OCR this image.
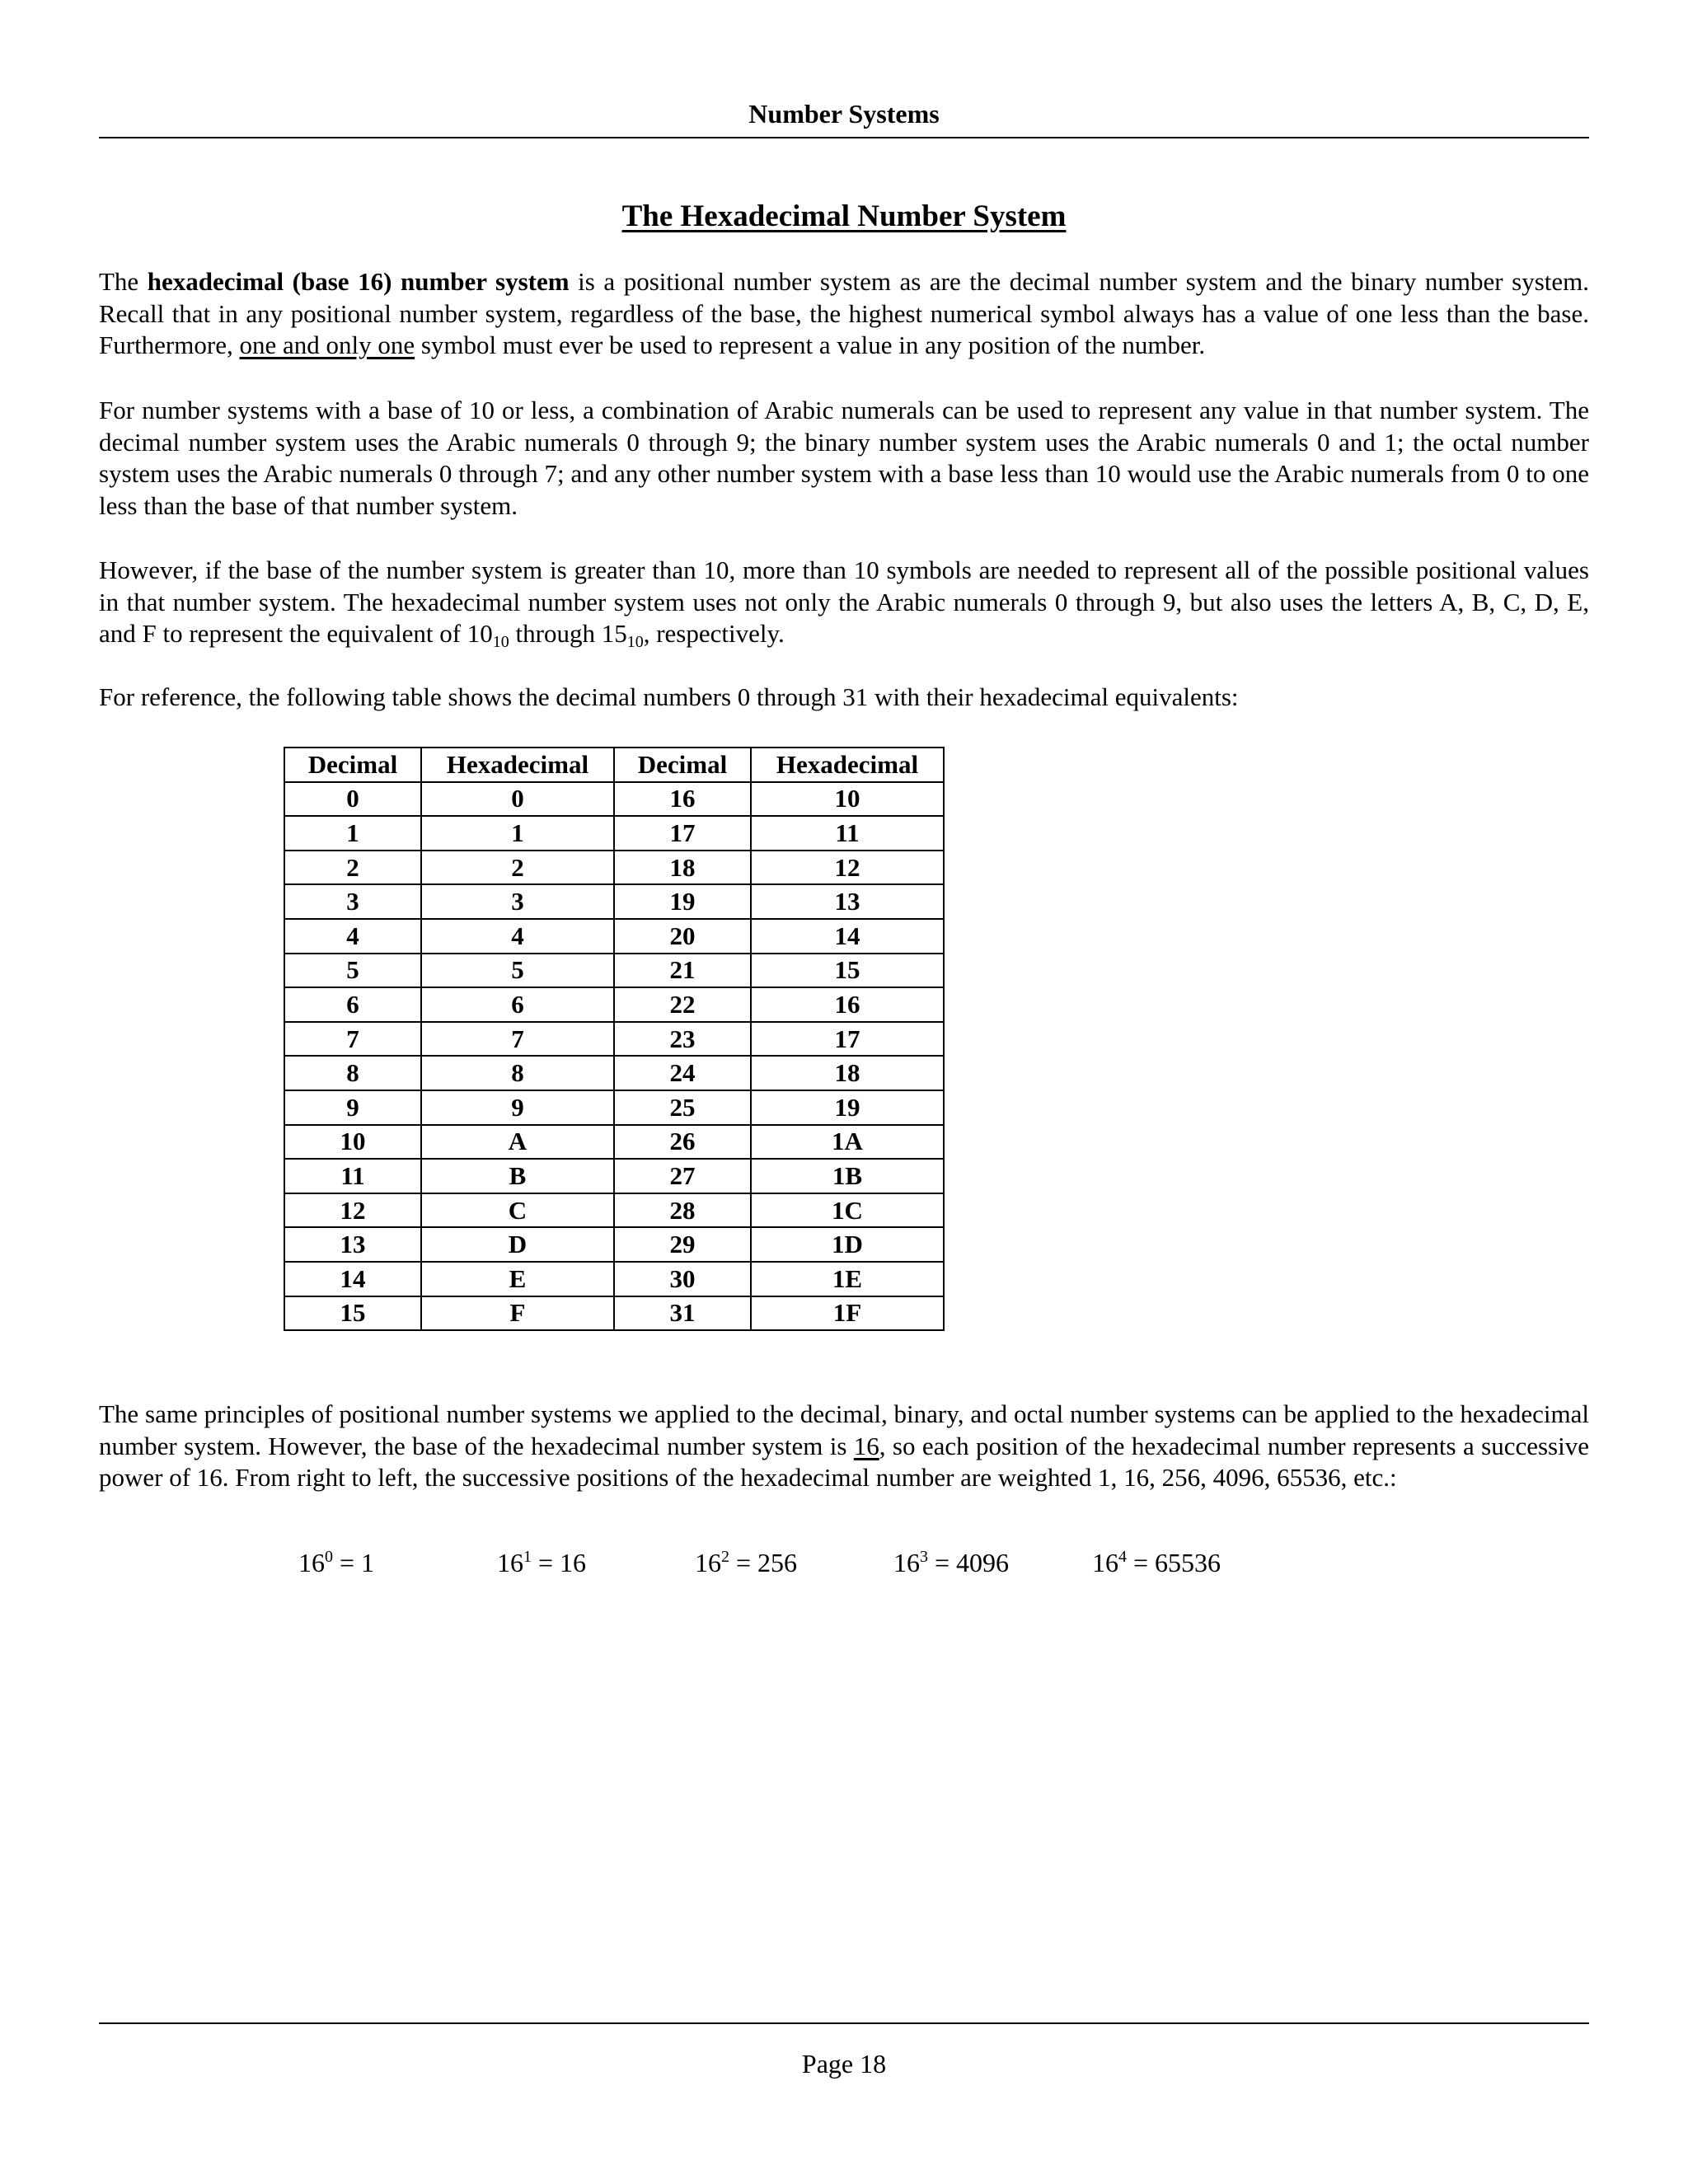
Number Systems
The Hexadecimal Number System

The hexadecimal (base 16) number system is a positional number system as are the decimal number system and the binary number system. Recall that in any positional number system, regardless of the base, the highest numerical symbol always has a value of one less than the base. Furthermore, one and only one symbol must ever be used to represent a value in any position of the number.

For number systems with a base of 10 or less, a combination of Arabic numerals can be used to represent any value in that number system. The decimal number system uses the Arabic numerals 0 through 9; the binary number system uses the Arabic numerals 0 and 1; the octal number system uses the Arabic numerals 0 through 7; and any other number system with a base less than 10 would use the Arabic numerals from 0 to one less than the base of that number system.

However, if the base of the number system is greater than 10, more than 10 symbols are needed to represent all of the possible positional values in that number system. The hexadecimal number system uses not only the Arabic numerals 0 through 9, but also uses the letters A, B, C, D, E, and F to represent the equivalent of $10_{10}$ through $15_{10}$, respectively.

For reference, the following table shows the decimal numbers 0 through 31 with their hexadecimal equivalents:

Decimal	Hexadecimal	Decimal	Hexadecimal
0	0	16	10
1	1	17	11
2	2	18	12
3	3	19	13
4	4	20	14
5	5	21	15
6	6	22	16
7	7	23	17
8	8	24	18
9	9	25	19
10	A	26	1A
11	B	27	1B
12	C	28	1C
13	D	29	1D
14	E	30	1E
15	F	31	1F

The same principles of positional number systems we applied to the decimal, binary, and octal number systems can be applied to the hexadecimal number system. However, the base of the hexadecimal number system is 16, so each position of the hexadecimal number represents a successive power of 16. From right to left, the successive positions of the hexadecimal number are weighted 1, 16, 256, 4096, 65536, etc.:

$16^0 = 1$	$16^1 = 16$	$16^2 = 256$	$16^3 = 4096$	$16^4 = 65536$
Page 18
